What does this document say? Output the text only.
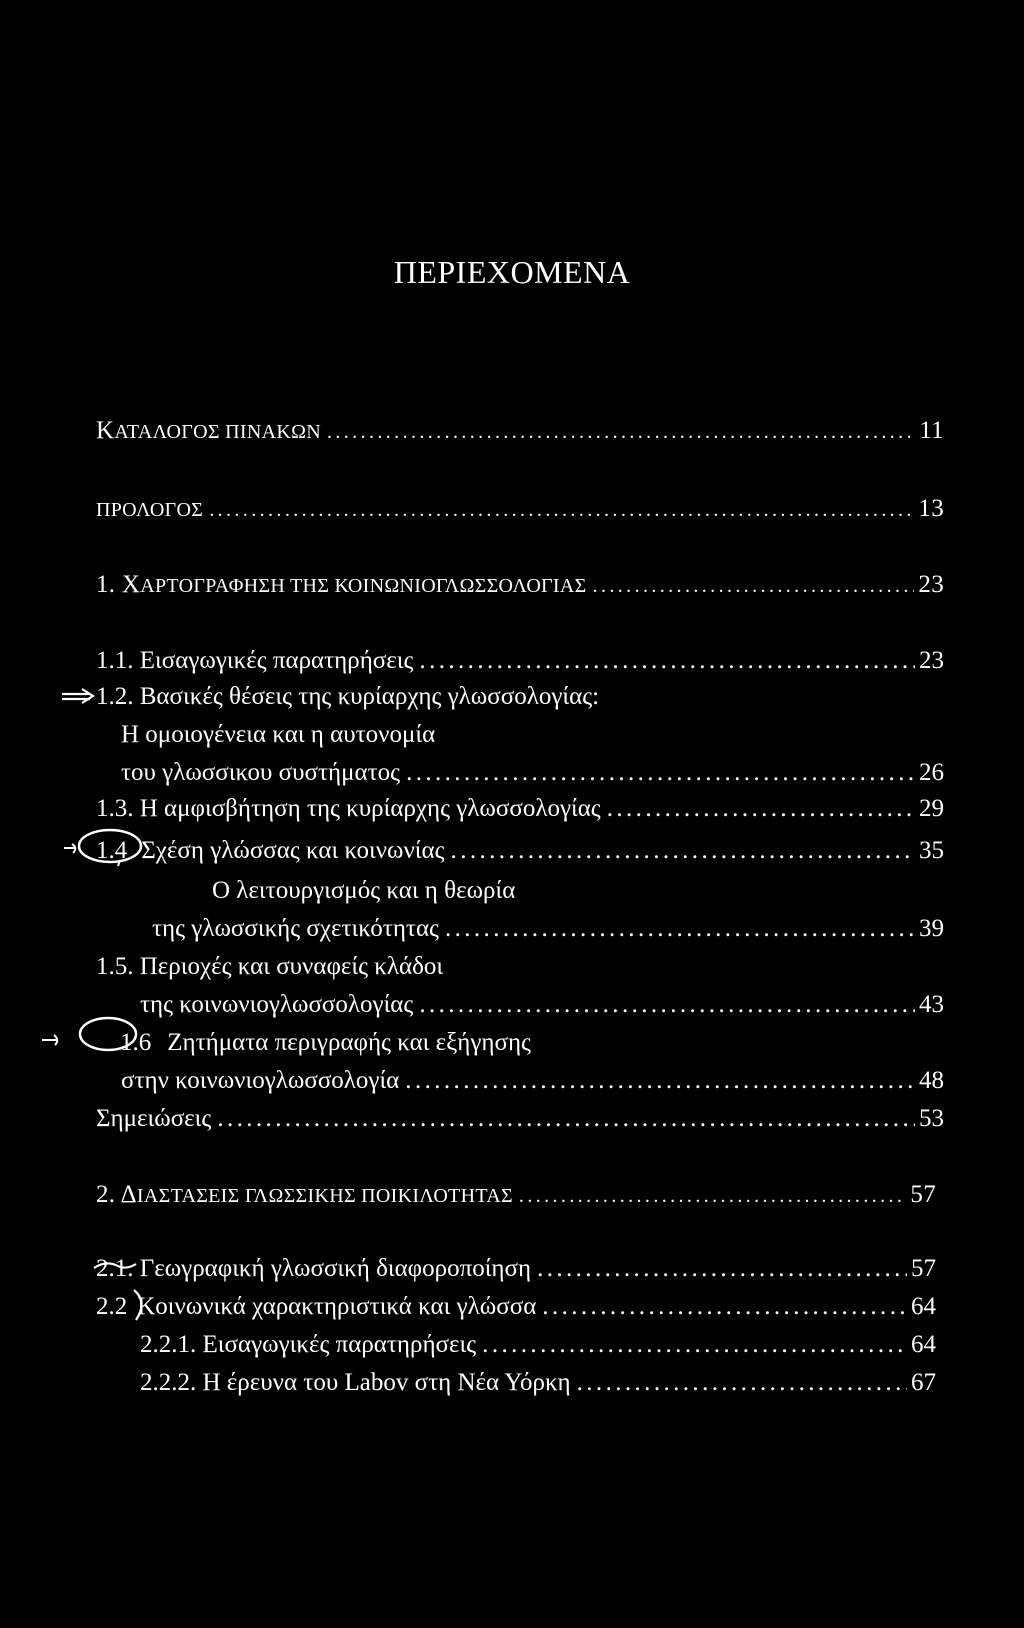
ΠΕΡΙΕΧΟΜΕΝΑ
ΚΑΤΑΛΟΓΟΣ ΠΙΝΑΚΩΝ .....	11
ΠΡΟΛΟΓΟΣ .....	13
1. ΧΑΡΤΟΓΡΑΦΗΣΗ ΤΗΣ ΚΟΙΝΩΝΙΟΓΛΩΣΣΟΛΟΓΙΑΣ .....	23
1.1. Εισαγωγικές παρατηρήσεις .....	23
1.2. Βασικές θέσεις της κυρίαρχης γλωσσολογίας:
Η ομοιογένεια και η αυτονομία
του γλωσσικου συστήματος .....	26
1.3. Η αμφισβήτηση της κυρίαρχης γλωσσολογίας .....	29
1.4 Σχέση γλώσσας και κοινωνίας .....	35
Ο λειτουργισμός και η θεωρία
της γλωσσικής σχετικότητας .....	39
1.5. Περιοχές και συναφείς κλάδοι
της κοινωνιογλωσσολογίας .....	43
1.6 Ζητήματα περιγραφής και εξήγησης
στην κοινωνιογλωσσολογία .....	48
Σημειώσεις .....	53
2. ΔΙΑΣΤΑΣΕΙΣ ΓΛΩΣΣΙΚΗΣ ΠΟΙΚΙΛΟΤΗΤΑΣ .....	57
2.1. Γεωγραφική γλωσσική διαφοροποίηση .....	57
2.2 Κοινωνικά χαρακτηριστικά και γλώσσα .....	64
2.2.1. Εισαγωγικές παρατηρήσεις .....	64
2.2.2. Η έρευνα του Labov στη Νέα Υόρκη .....	67
